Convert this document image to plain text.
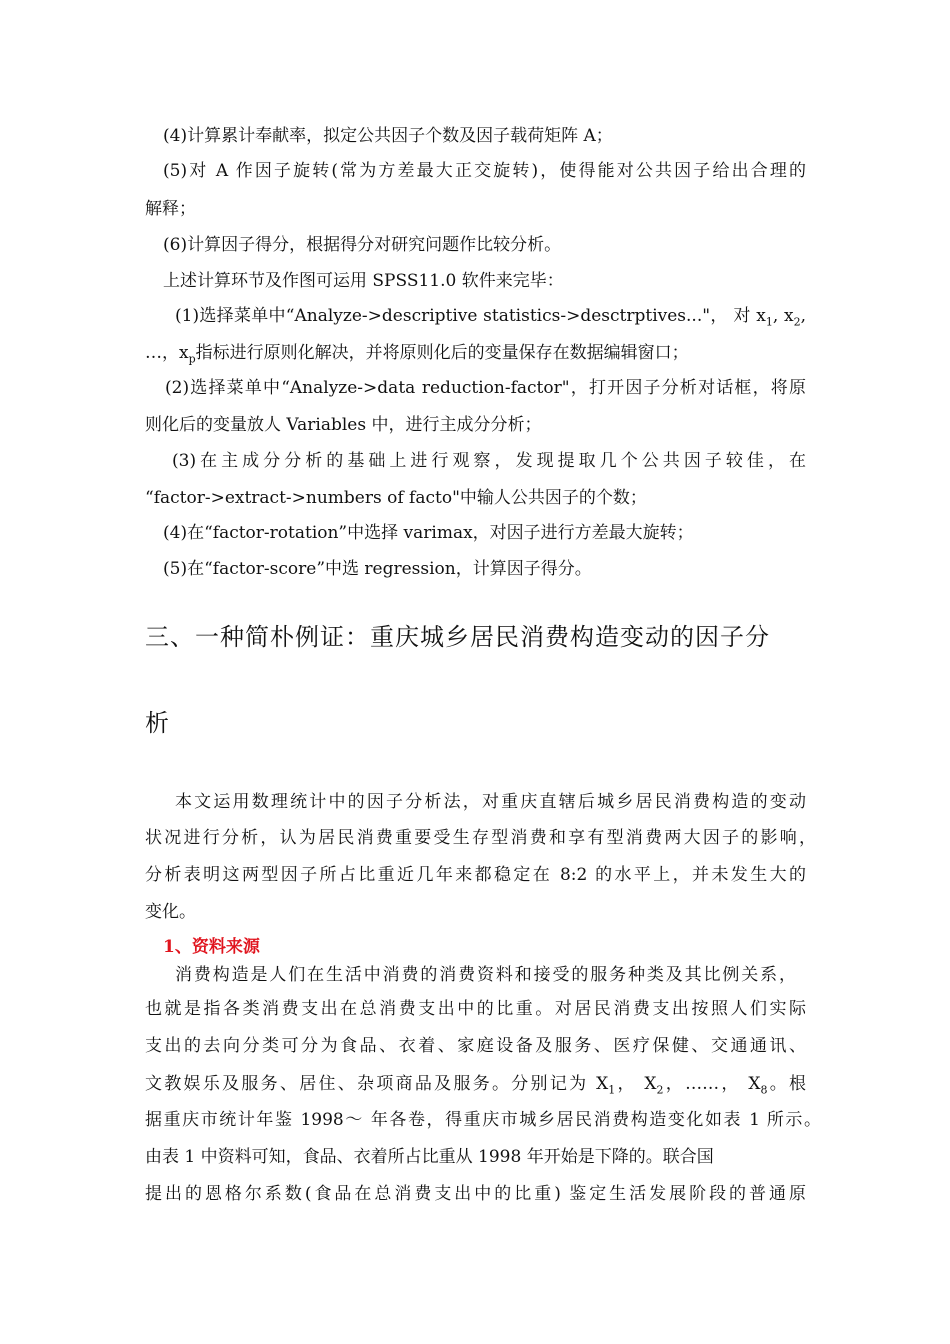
(4)计算累计奉献率，拟定公共因子个数及因子载荷矩阵 A；
(5)对 A 作因子旋转(常为方差最大正交旋转)，使得能对公共因子给出合理的
解释；
(6)计算因子得分，根据得分对研究问题作比较分析。
上述计算环节及作图可运用 SPSS11.0 软件来完毕：
(1)选择菜单中“Analyze->descriptive statistics->desctrptives..."， 对 $x_1$, $x_2$,
…，$x_p$指标进行原则化解决，并将原则化后的变量保存在数据编辑窗口；
(2)选择菜单中“Analyze->data reduction-factor"，打开因子分析对话框，将原
则化后的变量放人 Variables 中，进行主成分分析；
(3)在主成分分析的基础上进行观察，发现提取几个公共因子较佳，在
“factor->extract->numbers of facto"中输人公共因子的个数；
(4)在“factor-rotation”中选择 varimax，对因子进行方差最大旋转；
(5)在“factor-score”中选 regression，计算因子得分。
三、一种简朴例证：重庆城乡居民消费构造变动的因子分
析
本文运用数理统计中的因子分析法，对重庆直辖后城乡居民消费构造的变动
状况进行分析，认为居民消费重要受生存型消费和享有型消费两大因子的影响，
分析表明这两型因子所占比重近几年来都稳定在 8:2 的水平上，并未发生大的
变化。
1、资料来源
消费构造是人们在生活中消费的消费资料和接受的服务种类及其比例关系，
也就是指各类消费支出在总消费支出中的比重。对居民消费支出按照人们实际
支出的去向分类可分为食品、衣着、家庭设备及服务、医疗保健、交通通讯、
文教娱乐及服务、居住、杂项商品及服务。分别记为 $X_1$， $X_2$，……， $X_8$。根
据重庆市统计年鉴 1998～ 年各卷，得重庆市城乡居民消费构造变化如表 1 所示。
由表 1 中资料可知，食品、衣着所占比重从 1998 年开始是下降的。联合国
提出的恩格尔系数(食品在总消费支出中的比重) 鉴定生活发展阶段的普通原
